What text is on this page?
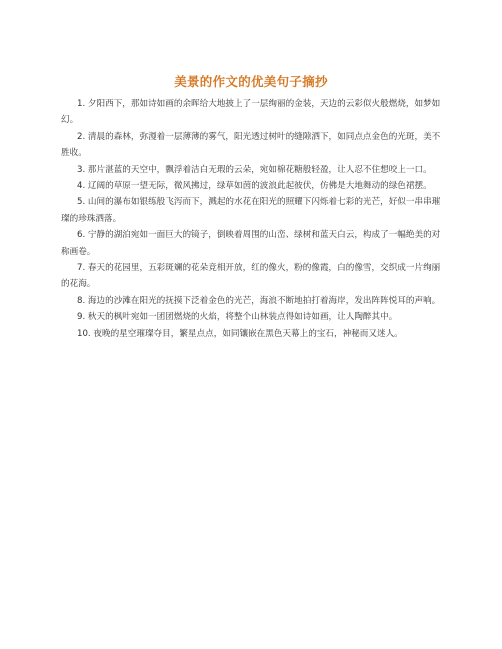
美景的作文的优美句子摘抄

1. 夕阳西下，那如诗如画的余晖给大地披上了一层绚丽的金装，天边的云彩似火般燃烧，如梦如幻。

2. 清晨的森林，弥漫着一层薄薄的雾气，阳光透过树叶的缝隙洒下，如同点点金色的光斑，美不胜收。

3. 那片湛蓝的天空中，飘浮着洁白无瑕的云朵，宛如棉花糖般轻盈，让人忍不住想咬上一口。

4. 辽阔的草原一望无际，微风拂过，绿草如茵的波浪此起彼伏，仿佛是大地舞动的绿色裙摆。

5. 山间的瀑布如银练般飞泻而下，溅起的水花在阳光的照耀下闪烁着七彩的光芒，好似一串串璀璨的珍珠洒落。

6. 宁静的湖泊宛如一面巨大的镜子，倒映着周围的山峦、绿树和蓝天白云，构成了一幅绝美的对称画卷。

7. 春天的花园里，五彩斑斓的花朵竞相开放，红的像火，粉的像霞，白的像雪，交织成一片绚丽的花海。

8. 海边的沙滩在阳光的抚摸下泛着金色的光芒，海浪不断地拍打着海岸，发出阵阵悦耳的声响。

9. 秋天的枫叶宛如一团团燃烧的火焰，将整个山林装点得如诗如画，让人陶醉其中。

10. 夜晚的星空璀璨夺目，繁星点点，如同镶嵌在黑色天幕上的宝石，神秘而又迷人。
